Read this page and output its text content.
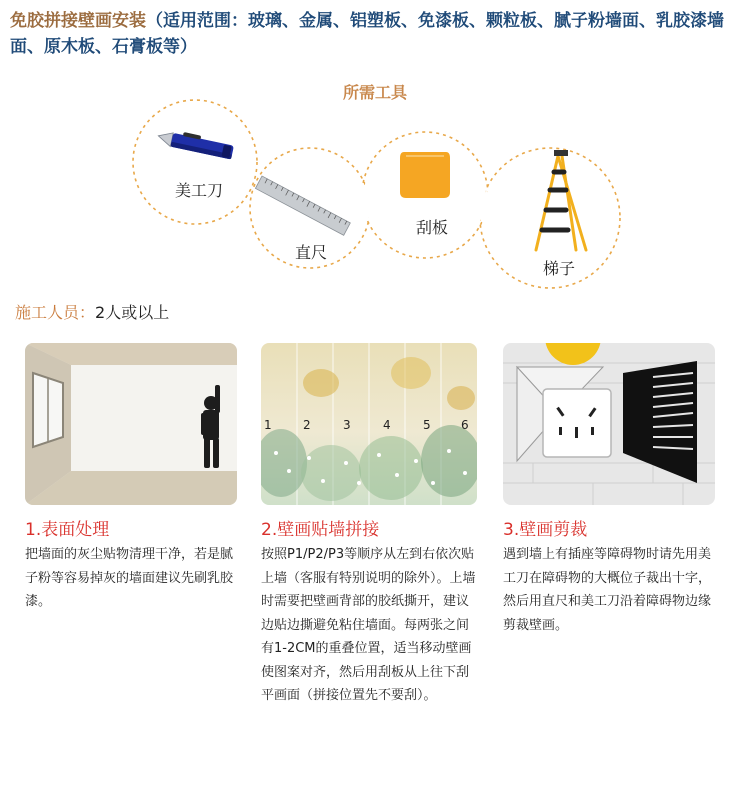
免胶拼接壁画安装（适用范围：玻璃、金属、铝塑板、免漆板、颗粒板、腻子粉墙面、乳胶漆墙面、原木板、石膏板等）
所需工具
美工刀
直尺
刮板
梯子
施工人员：2人或以上
1	2	3	4	5	6
1.表面处理	2.壁画贴墙拼接	3.壁画剪裁
把墙面的灰尘贴物清理干净，若是腻子粉等容易掉灰的墙面建议先刷乳胶漆。
按照P1/P2/P3等顺序从左到右依次贴上墙（客服有特别说明的除外）。上墙时需要把壁画背部的胶纸撕开，建议边贴边撕避免粘住墙面。每两张之间有1-2CM的重叠位置，适当移动壁画使图案对齐，然后用刮板从上往下刮平画面（拼接位置先不要刮）。
遇到墙上有插座等障碍物时请先用美工刀在障碍物的大概位子裁出十字，然后用直尺和美工刀沿着障碍物边缘剪裁壁画。
